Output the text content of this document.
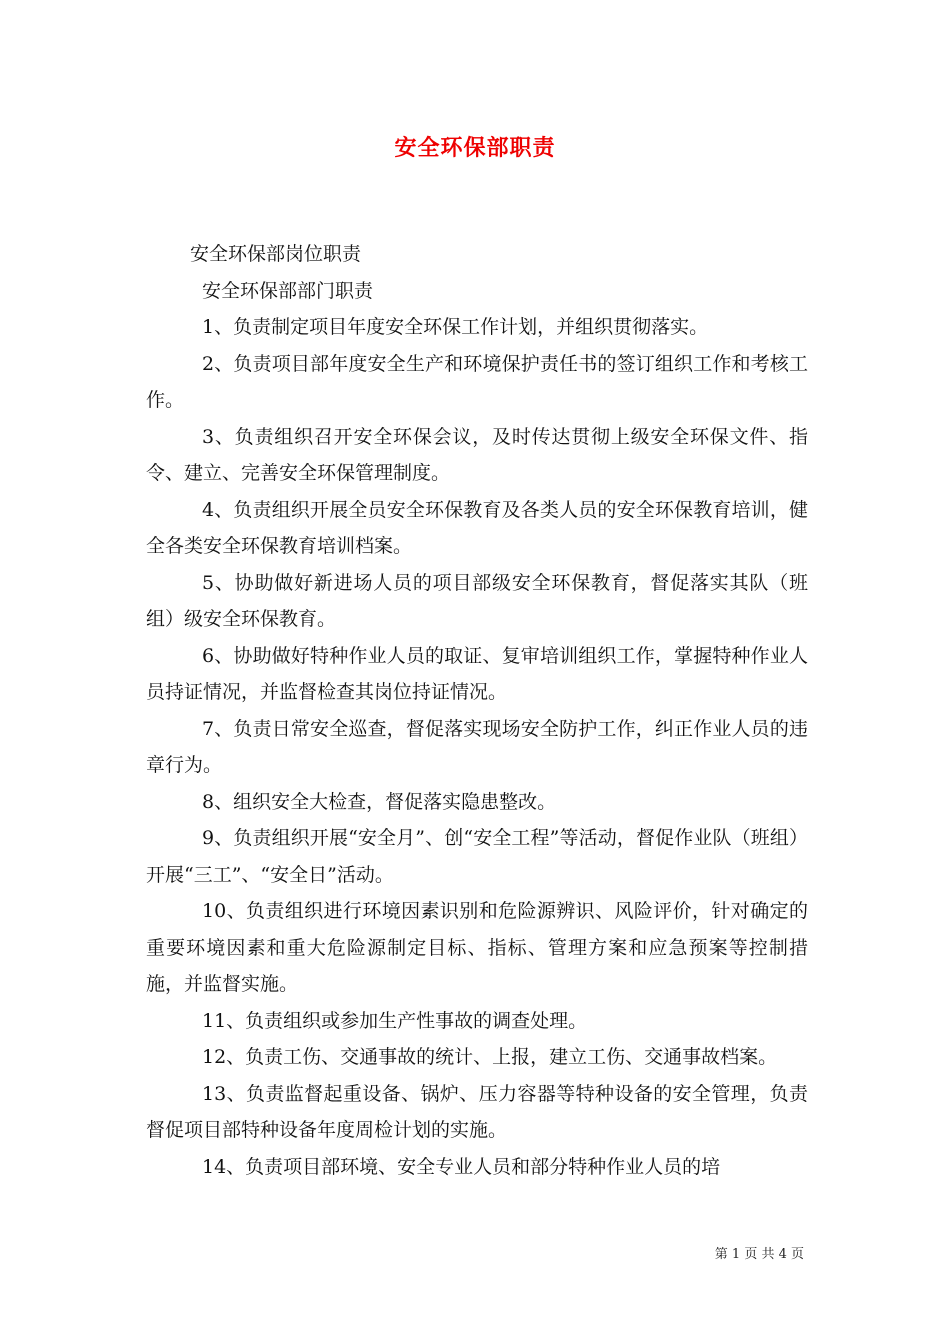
安全环保部职责

安全环保部岗位职责

安全环保部部门职责

1、负责制定项目年度安全环保工作计划，并组织贯彻落实。

2、负责项目部年度安全生产和环境保护责任书的签订组织工作和考核工作。

3、负责组织召开安全环保会议，及时传达贯彻上级安全环保文件、指令、建立、完善安全环保管理制度。

4、负责组织开展全员安全环保教育及各类人员的安全环保教育培训，健全各类安全环保教育培训档案。

5、协助做好新进场人员的项目部级安全环保教育，督促落实其队（班组）级安全环保教育。

6、协助做好特种作业人员的取证、复审培训组织工作，掌握特种作业人员持证情况，并监督检查其岗位持证情况。

7、负责日常安全巡查，督促落实现场安全防护工作，纠正作业人员的违章行为。

8、组织安全大检查，督促落实隐患整改。

9、负责组织开展“安全月”、创“安全工程”等活动，督促作业队（班组）开展“三工”、“安全日”活动。

10、负责组织进行环境因素识别和危险源辨识、风险评价，针对确定的重要环境因素和重大危险源制定目标、指标、管理方案和应急预案等控制措施，并监督实施。

11、负责组织或参加生产性事故的调查处理。

12、负责工伤、交通事故的统计、上报，建立工伤、交通事故档案。

13、负责监督起重设备、锅炉、压力容器等特种设备的安全管理，负责督促项目部特种设备年度周检计划的实施。

14、负责项目部环境、安全专业人员和部分特种作业人员的培

第 1 页 共 4 页
